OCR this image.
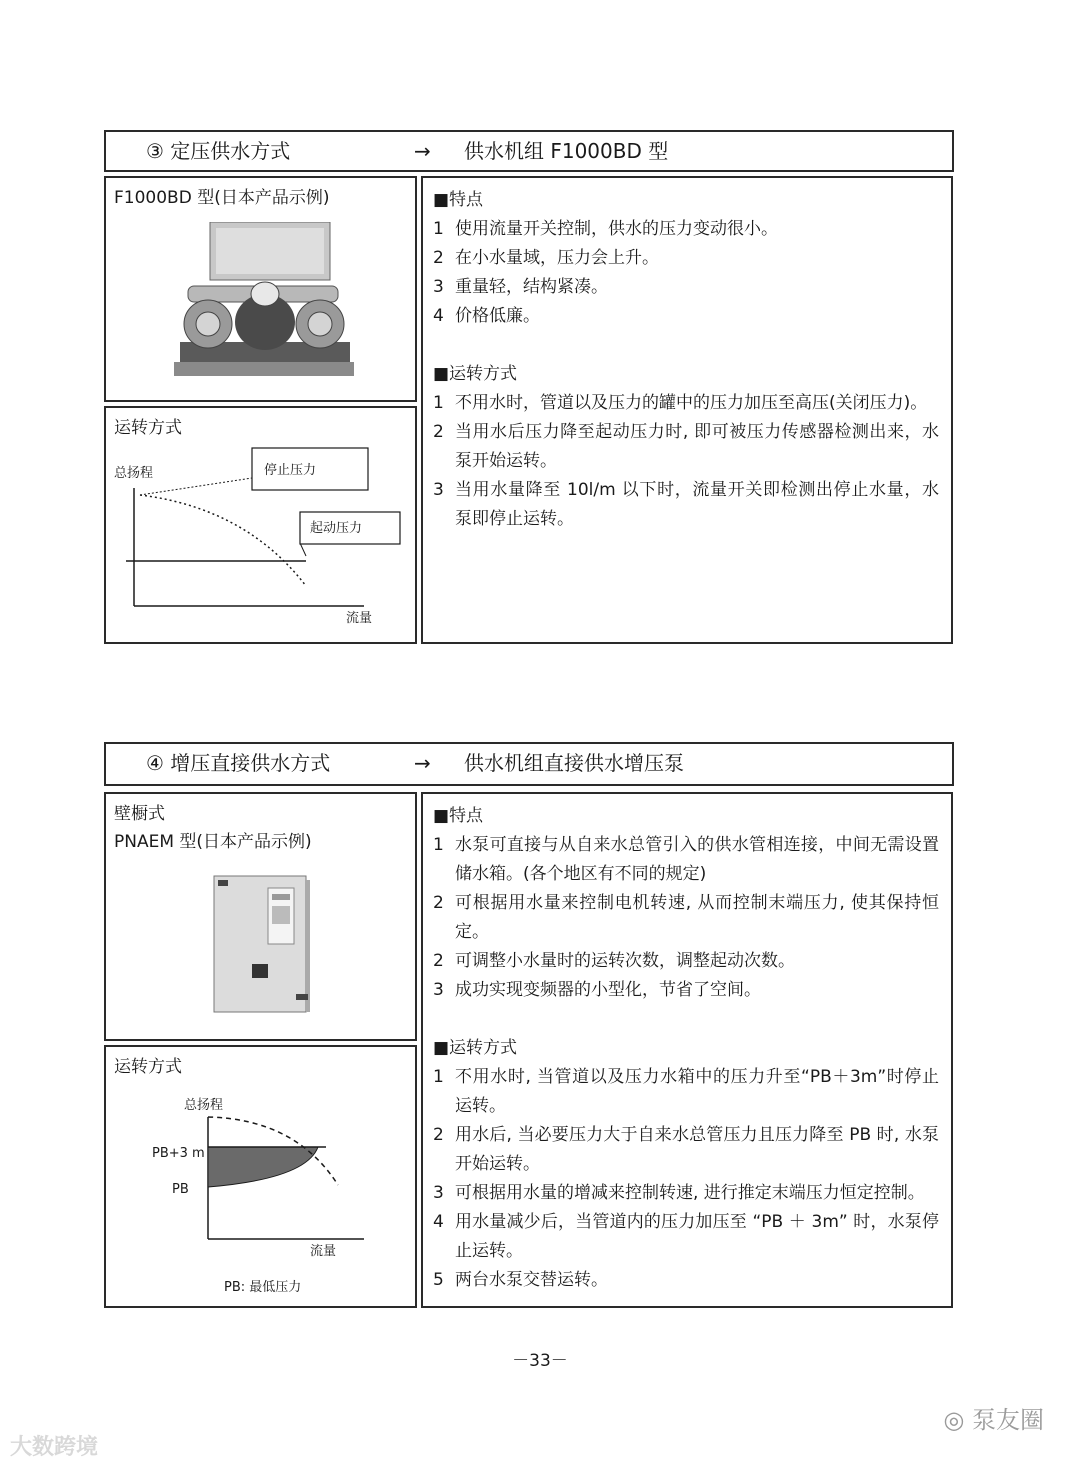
③ 定压供水方式	→ 供水机组 F1000BD 型
F1000BD 型(日本产品示例)
运转方式
总扬程
流量
停止压力
起动压力
■特点
1 使用流量开关控制，供水的压力变动很小。
2 在小水量域，压力会上升。
3 重量轻，结构紧凑。
4 价格低廉。
■运转方式
1 不用水时，管道以及压力的罐中的压力加压至高压(关闭压力)。
2 当用水后压力降至起动压力时, 即可被压力传感器检测出来，水泵开始运转。
3 当用水量降至 10l/m 以下时，流量开关即检测出停止水量，水泵即停止运转。
④ 增压直接供水方式	→ 供水机组直接供水增压泵
壁橱式
PNAEM 型(日本产品示例)
运转方式
总扬程
PB+3 m
PB
流量
PB: 最低压力
■特点
1 水泵可直接与从自来水总管引入的供水管相连接，中间无需设置储水箱。(各个地区有不同的规定)
2 可根据用水量来控制电机转速, 从而控制末端压力, 使其保持恒定。
2 可调整小水量时的运转次数，调整起动次数。
3 成功实现变频器的小型化，节省了空间。
■运转方式
1 不用水时, 当管道以及压力水箱中的压力升至“PB＋3m”时停止运转。
2 用水后, 当必要压力大于自来水总管压力且压力降至 PB 时, 水泵开始运转。
3 可根据用水量的增减来控制转速, 进行推定末端压力恒定控制。
4 用水量减少后，当管道内的压力加压至 “PB ＋ 3m” 时，水泵停止运转。
5 两台水泵交替运转。
－33－
◎ 泵友圈
大数跨境
